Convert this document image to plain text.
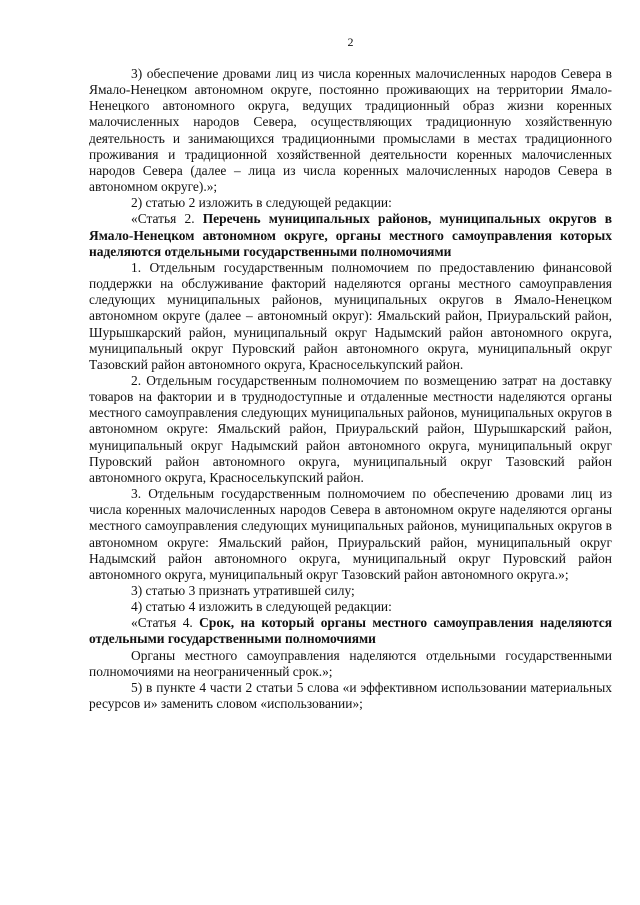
2

3) обеспечение дровами лиц из числа коренных малочисленных народов Севера в Ямало-Ненецком автономном округе, постоянно проживающих на территории Ямало-Ненецкого автономного округа, ведущих традиционный образ жизни коренных малочисленных народов Севера, осуществляющих традиционную хозяйственную деятельность и занимающихся традиционными промыслами в местах традиционного проживания и традиционной хозяйственной деятельности коренных малочисленных народов Севера (далее – лица из числа коренных малочисленных народов Севера в автономном округе).»;

2) статью 2 изложить в следующей редакции:

«Статья 2. Перечень муниципальных районов, муниципальных округов в Ямало-Ненецком автономном округе, органы местного самоуправления которых наделяются отдельными государственными полномочиями

1. Отдельным государственным полномочием по предоставлению финансовой поддержки на обслуживание факторий наделяются органы местного самоуправления следующих муниципальных районов, муниципальных округов в Ямало-Ненецком автономном округе (далее – автономный округ): Ямальский район, Приуральский район, Шурышкарский район, муниципальный округ Надымский район автономного округа, муниципальный округ Пуровский район автономного округа, муниципальный округ Тазовский район автономного округа, Красноселькупский район.

2. Отдельным государственным полномочием по возмещению затрат на доставку товаров на фактории и в труднодоступные и отдаленные местности наделяются органы местного самоуправления следующих муниципальных районов, муниципальных округов в автономном округе: Ямальский район, Приуральский район, Шурышкарский район, муниципальный округ Надымский район автономного округа, муниципальный округ Пуровский район автономного округа, муниципальный округ Тазовский район автономного округа, Красноселькупский район.

3. Отдельным государственным полномочием по обеспечению дровами лиц из числа коренных малочисленных народов Севера в автономном округе наделяются органы местного самоуправления следующих муниципальных районов, муниципальных округов в автономном округе: Ямальский район, Приуральский район, муниципальный округ Надымский район автономного округа, муниципальный округ Пуровский район автономного округа, муниципальный округ Тазовский район автономного округа.»;

3) статью 3 признать утратившей силу;

4) статью 4 изложить в следующей редакции:

«Статья 4. Срок, на который органы местного самоуправления наделяются отдельными государственными полномочиями

Органы местного самоуправления наделяются отдельными государственными полномочиями на неограниченный срок.»;

5) в пункте 4 части 2 статьи 5 слова «и эффективном использовании материальных ресурсов и» заменить словом «использовании»;
